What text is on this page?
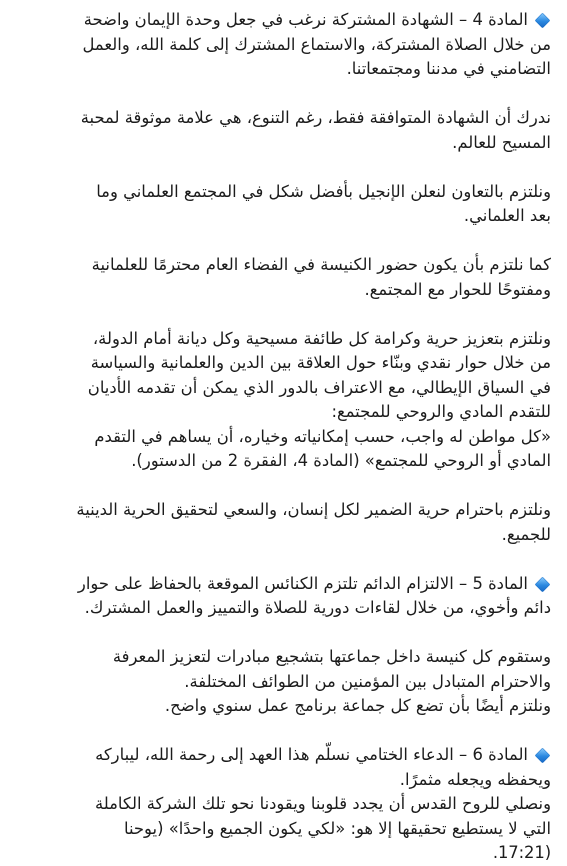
المادة 4 – الشهادة المشتركة نرغب في جعل وحدة الإيمان واضحة
من خلال الصلاة المشتركة، والاستماع المشترك إلى كلمة الله، والعمل
التضامني في مدننا ومجتمعاتنا.

ندرك أن الشهادة المتوافقة فقط، رغم التنوع، هي علامة موثوقة لمحبة
المسيح للعالم.

ونلتزم بالتعاون لنعلن الإنجيل بأفضل شكل في المجتمع العلماني وما
بعد العلماني.

كما نلتزم بأن يكون حضور الكنيسة في الفضاء العام محترمًا للعلمانية
ومفتوحًا للحوار مع المجتمع.

ونلتزم بتعزيز حرية وكرامة كل طائفة مسيحية وكل ديانة أمام الدولة،
من خلال حوار نقدي وبنّاء حول العلاقة بين الدين والعلمانية والسياسة
في السياق الإيطالي، مع الاعتراف بالدور الذي يمكن أن تقدمه الأديان
للتقدم المادي والروحي للمجتمع:
«كل مواطن له واجب، حسب إمكانياته وخياره، أن يساهم في التقدم
المادي أو الروحي للمجتمع» (المادة 4، الفقرة 2 من الدستور).

ونلتزم باحترام حرية الضمير لكل إنسان، والسعي لتحقيق الحرية الدينية
للجميع.

المادة 5 – الالتزام الدائم تلتزم الكنائس الموقعة بالحفاظ على حوار
دائم وأخوي، من خلال لقاءات دورية للصلاة والتمييز والعمل المشترك.

وستقوم كل كنيسة داخل جماعتها بتشجيع مبادرات لتعزيز المعرفة
والاحترام المتبادل بين المؤمنين من الطوائف المختلفة.
ونلتزم أيضًا بأن تضع كل جماعة برنامج عمل سنوي واضح.

المادة 6 – الدعاء الختامي نسلّم هذا العهد إلى رحمة الله، ليباركه
ويحفظه ويجعله مثمرًا.
ونصلي للروح القدس أن يجدد قلوبنا ويقودنا نحو تلك الشركة الكاملة
التي لا يستطيع تحقيقها إلا هو: «لكي يكون الجميع واحدًا» (يوحنا
(17:21.
